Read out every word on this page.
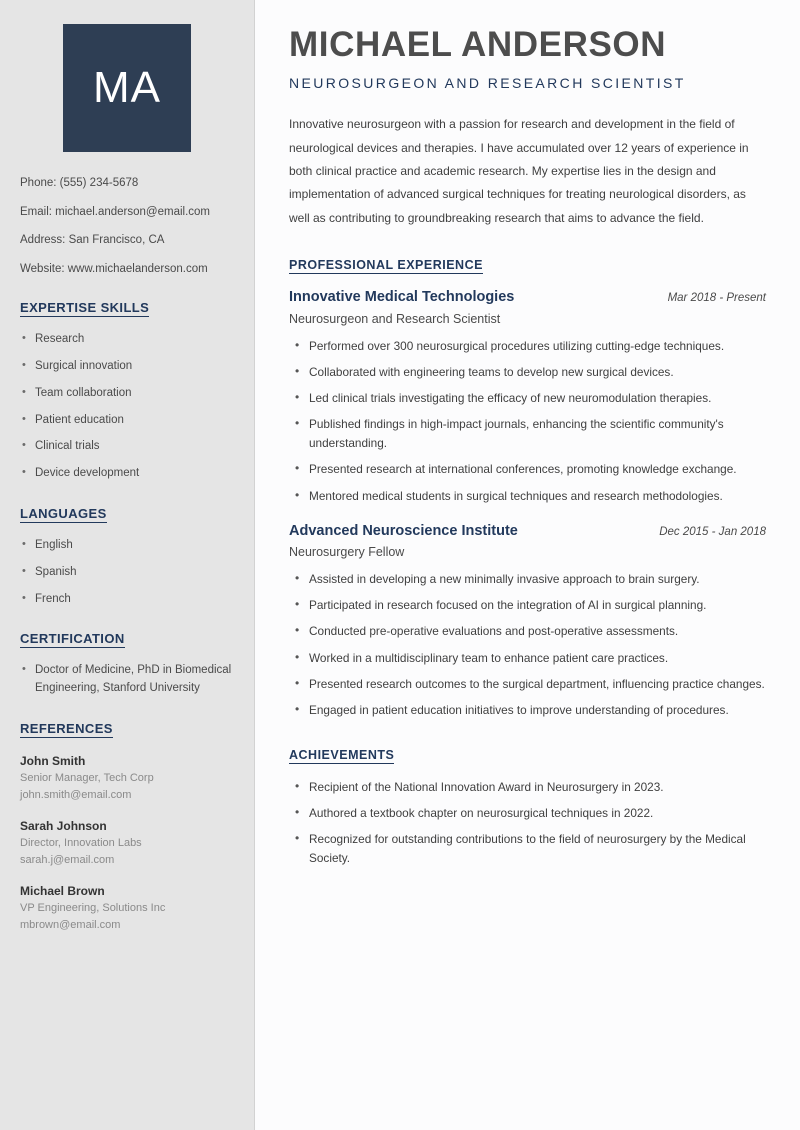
MA
Phone: (555) 234-5678
Email: michael.anderson@email.com
Address: San Francisco, CA
Website: www.michaelanderson.com
EXPERTISE SKILLS
• Research
• Surgical innovation
• Team collaboration
• Patient education
• Clinical trials
• Device development
LANGUAGES
• English
• Spanish
• French
CERTIFICATION
• Doctor of Medicine, PhD in Biomedical Engineering, Stanford University
REFERENCES
John Smith
Senior Manager, Tech Corp
john.smith@email.com
Sarah Johnson
Director, Innovation Labs
sarah.j@email.com
Michael Brown
VP Engineering, Solutions Inc
mbrown@email.com
MICHAEL ANDERSON
NEUROSURGEON AND RESEARCH SCIENTIST

Innovative neurosurgeon with a passion for research and development in the field of neurological devices and therapies. I have accumulated over 12 years of experience in both clinical practice and academic research. My expertise lies in the design and implementation of advanced surgical techniques for treating neurological disorders, as well as contributing to groundbreaking research that aims to advance the field.

PROFESSIONAL EXPERIENCE
Innovative Medical Technologies	Mar 2018 - Present
Neurosurgeon and Research Scientist
• Performed over 300 neurosurgical procedures utilizing cutting-edge techniques.
• Collaborated with engineering teams to develop new surgical devices.
• Led clinical trials investigating the efficacy of new neuromodulation therapies.
• Published findings in high-impact journals, enhancing the scientific community's understanding.
• Presented research at international conferences, promoting knowledge exchange.
• Mentored medical students in surgical techniques and research methodologies.
Advanced Neuroscience Institute	Dec 2015 - Jan 2018
Neurosurgery Fellow
• Assisted in developing a new minimally invasive approach to brain surgery.
• Participated in research focused on the integration of AI in surgical planning.
• Conducted pre-operative evaluations and post-operative assessments.
• Worked in a multidisciplinary team to enhance patient care practices.
• Presented research outcomes to the surgical department, influencing practice changes.
• Engaged in patient education initiatives to improve understanding of procedures.
ACHIEVEMENTS
• Recipient of the National Innovation Award in Neurosurgery in 2023.
• Authored a textbook chapter on neurosurgical techniques in 2022.
• Recognized for outstanding contributions to the field of neurosurgery by the Medical Society.
